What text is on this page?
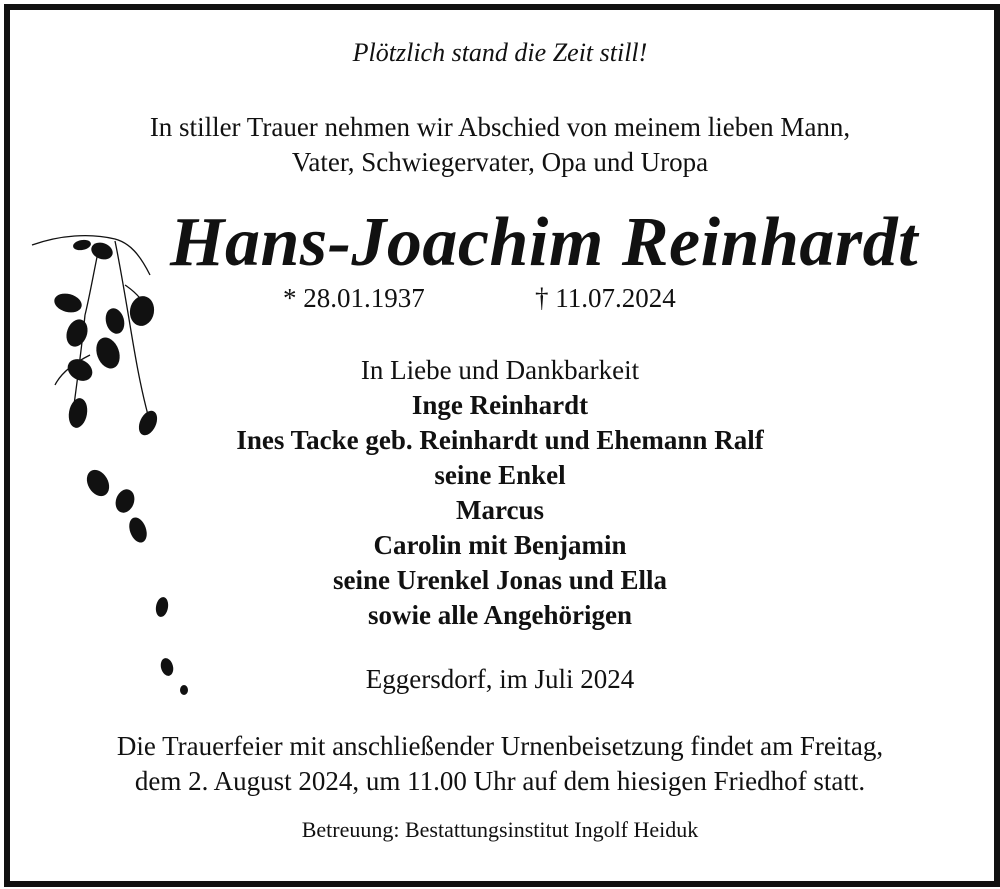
Plötzlich stand die Zeit still!
In stiller Trauer nehmen wir Abschied von meinem lieben Mann,
Vater, Schwiegervater, Opa und Uropa
Hans-Joachim Reinhardt
* 28.01.1937	† 11.07.2024
In Liebe und Dankbarkeit
Inge Reinhardt
Ines Tacke geb. Reinhardt und Ehemann Ralf
seine Enkel
Marcus
Carolin mit Benjamin
seine Urenkel Jonas und Ella
sowie alle Angehörigen
Eggersdorf, im Juli 2024
Die Trauerfeier mit anschließender Urnenbeisetzung findet am Freitag,
dem 2. August 2024, um 11.00 Uhr auf dem hiesigen Friedhof statt.
Betreuung: Bestattungsinstitut Ingolf Heiduk
